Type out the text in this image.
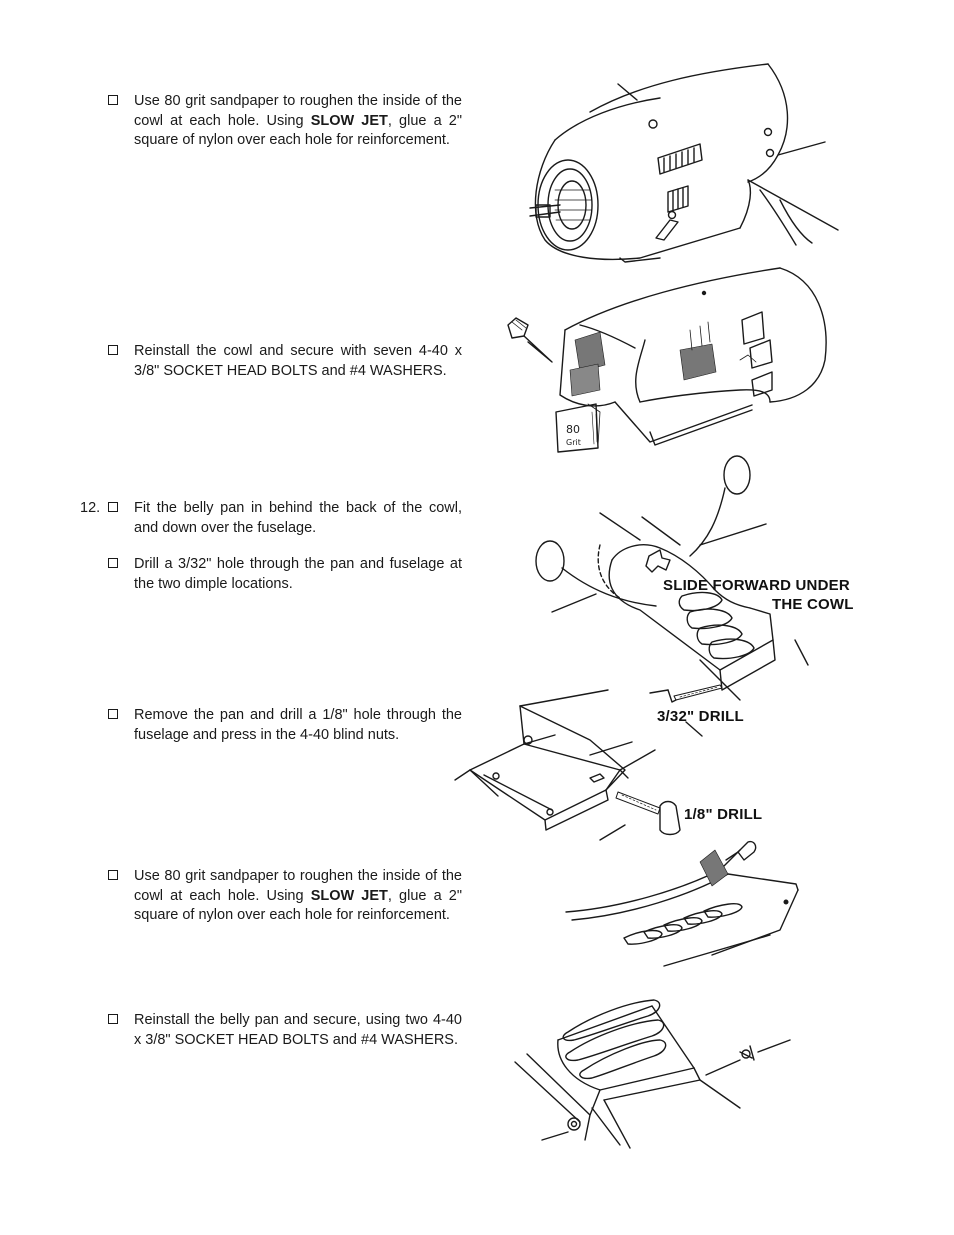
Use 80 grit sandpaper to roughen the inside of the cowl at each hole. Using SLOW JET, glue a 2" square of nylon over each hole for reinforcement.
Reinstall the cowl and secure with seven 4-40 x 3/8" SOCKET HEAD BOLTS and #4 WASHERS.
12. Fit the belly pan in behind the back of the cowl, and down over the fuselage.
Drill a 3/32" hole through the pan and fuselage at the two dimple locations.
Remove the pan and drill a 1/8" hole through the fuselage and press in the 4-40 blind nuts.
Use 80 grit sandpaper to roughen the inside of the cowl at each hole. Using SLOW JET, glue a 2" square of nylon over each hole for reinforcement.
Reinstall the belly pan and secure, using two 4-40 x 3/8" SOCKET HEAD BOLTS and #4 WASHERS.
80
Grit
SLIDE FORWARD UNDER
THE COWL
3/32" DRILL
1/8" DRILL
